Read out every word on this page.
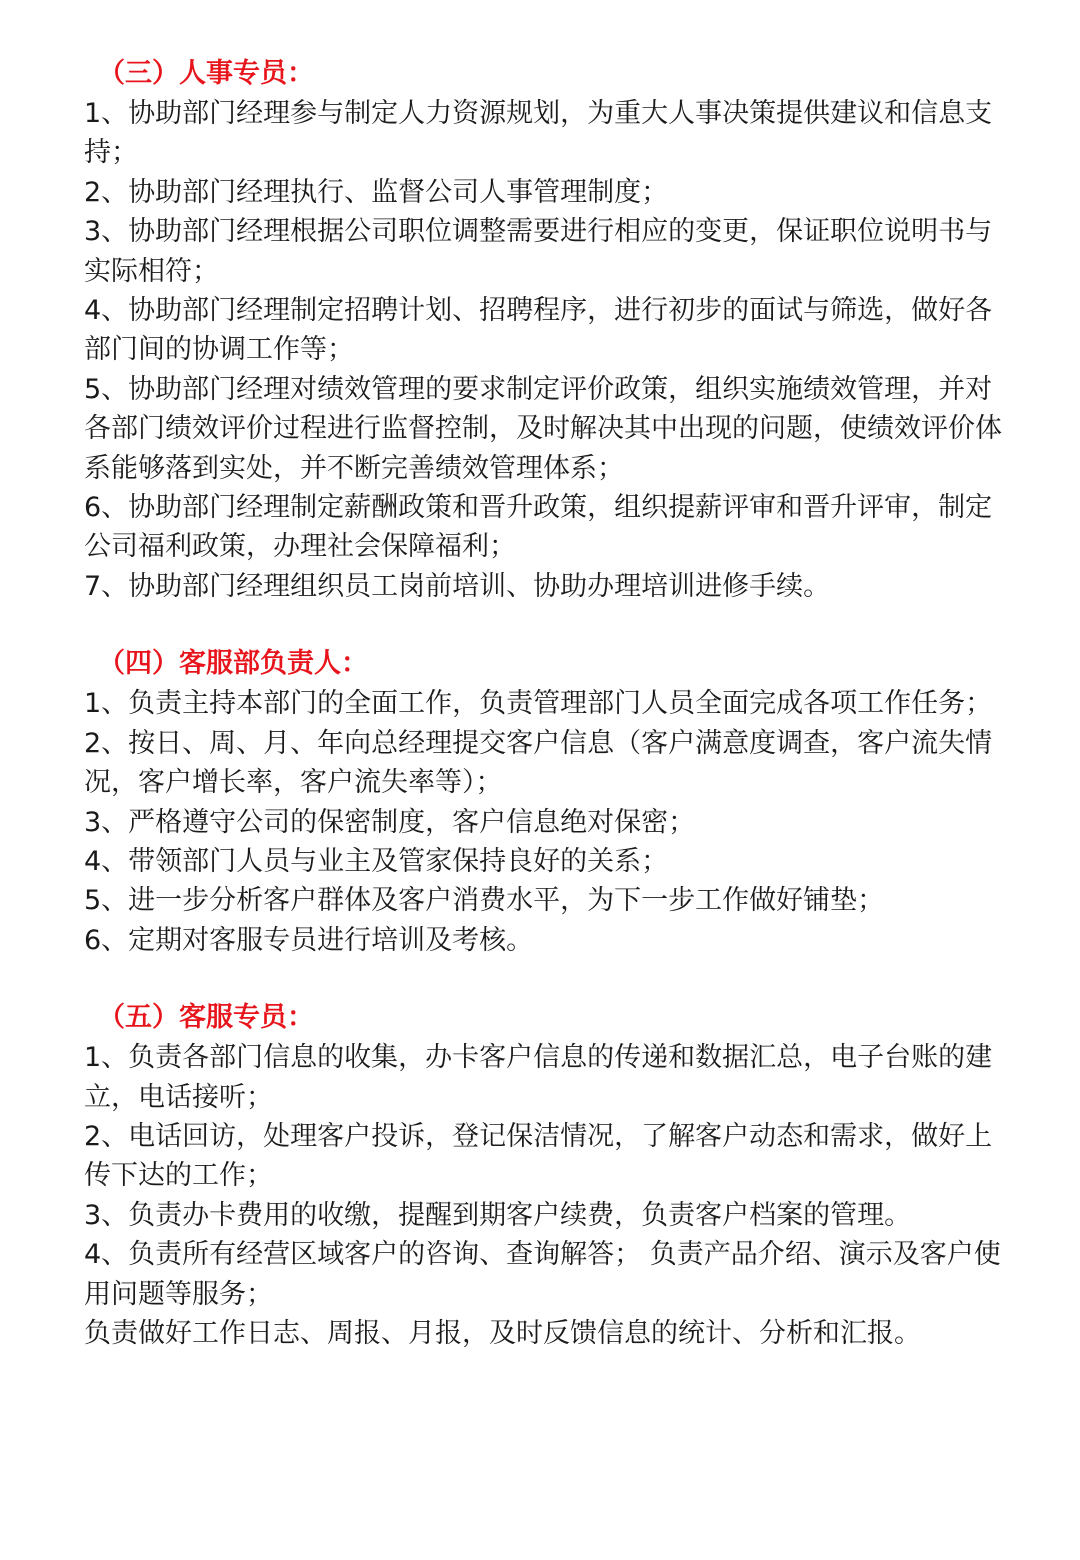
（三）人事专员：

1、协助部门经理参与制定人力资源规划，为重大人事决策提供建议和信息支持；

2、协助部门经理执行、监督公司人事管理制度；

3、协助部门经理根据公司职位调整需要进行相应的变更，保证职位说明书与实际相符；

4、协助部门经理制定招聘计划、招聘程序，进行初步的面试与筛选，做好各部门间的协调工作等；

5、协助部门经理对绩效管理的要求制定评价政策，组织实施绩效管理，并对各部门绩效评价过程进行监督控制，及时解决其中出现的问题，使绩效评价体系能够落到实处，并不断完善绩效管理体系；

6、协助部门经理制定薪酬政策和晋升政策，组织提薪评审和晋升评审，制定公司福利政策，办理社会保障福利；

7、协助部门经理组织员工岗前培训、协助办理培训进修手续。

（四）客服部负责人：

1、负责主持本部门的全面工作，负责管理部门人员全面完成各项工作任务；

2、按日、周、月、年向总经理提交客户信息（客户满意度调查，客户流失情况，客户增长率，客户流失率等）；

3、严格遵守公司的保密制度，客户信息绝对保密；

4、带领部门人员与业主及管家保持良好的关系；

5、进一步分析客户群体及客户消费水平，为下一步工作做好铺垫；

6、定期对客服专员进行培训及考核。

（五）客服专员：

1、负责各部门信息的收集，办卡客户信息的传递和数据汇总，电子台账的建立，电话接听；

2、电话回访，处理客户投诉，登记保洁情况，了解客户动态和需求，做好上传下达的工作；

3、负责办卡费用的收缴，提醒到期客户续费，负责客户档案的管理。

4、负责所有经营区域客户的咨询、查询解答； 负责产品介绍、演示及客户使用问题等服务；

负责做好工作日志、周报、月报，及时反馈信息的统计、分析和汇报。
